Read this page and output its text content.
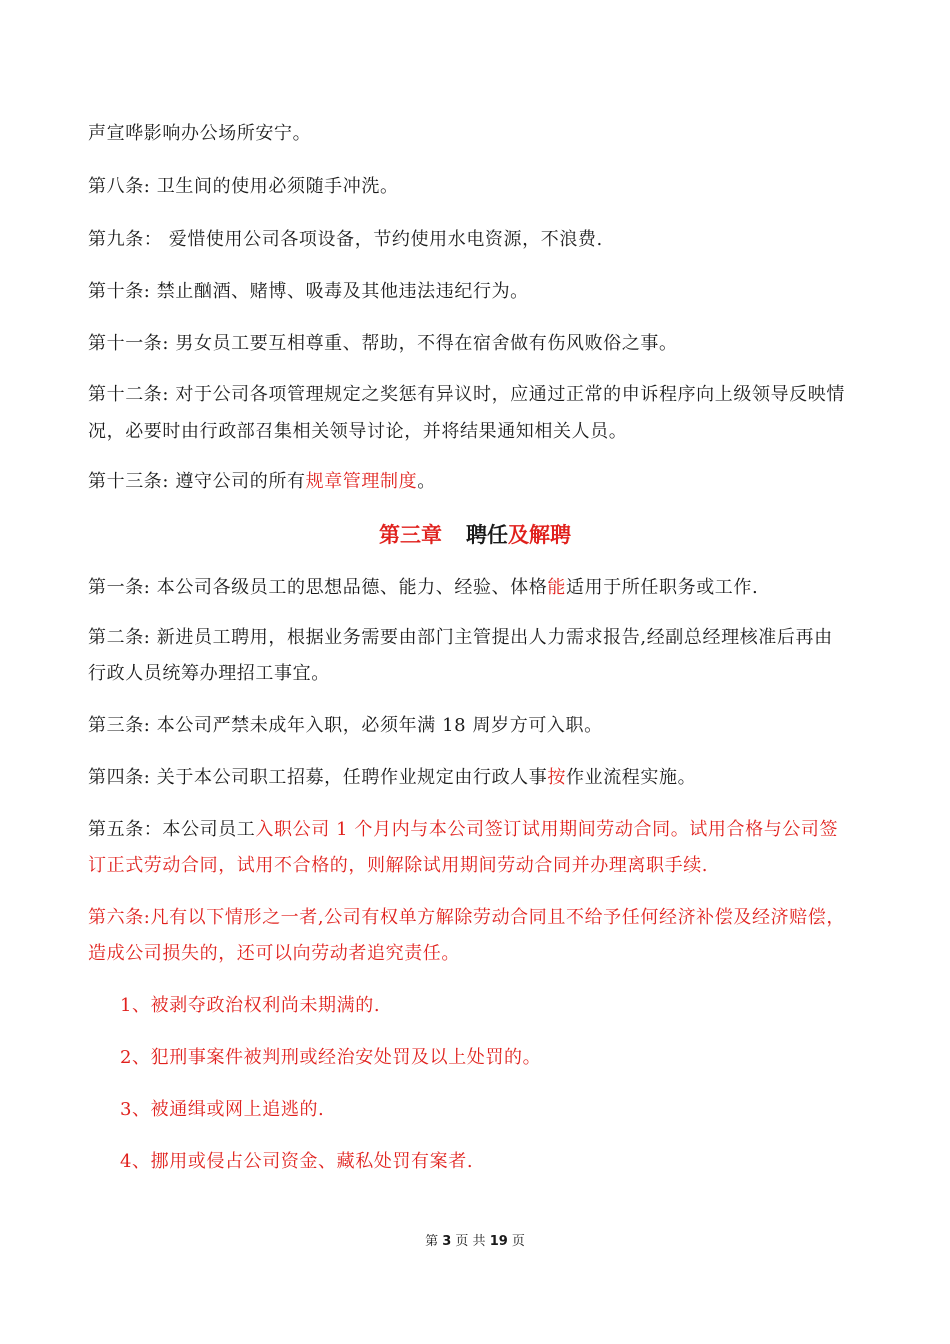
声宣哗影响办公场所安宁。
第八条: 卫生间的使用必须随手冲洗。
第九条： 爱惜使用公司各项设备，节约使用水电资源，不浪费.
第十条: 禁止酗酒、赌博、吸毒及其他违法违纪行为。
第十一条: 男女员工要互相尊重、帮助，不得在宿舍做有伤风败俗之事。
第十二条: 对于公司各项管理规定之奖惩有异议时，应通过正常的申诉程序向上级领导反映情
况，必要时由行政部召集相关领导讨论，并将结果通知相关人员。
第十三条: 遵守公司的所有规章管理制度。
第三章 聘任及解聘
第一条: 本公司各级员工的思想品德、能力、经验、体格能适用于所任职务或工作.
第二条: 新进员工聘用，根据业务需要由部门主管提出人力需求报告,经副总经理核准后再由
行政人员统筹办理招工事宜。
第三条: 本公司严禁未成年入职，必须年满 18 周岁方可入职。
第四条: 关于本公司职工招募，任聘作业规定由行政人事按作业流程实施。
第五条：本公司员工入职公司 1 个月内与本公司签订试用期间劳动合同。试用合格与公司签
订正式劳动合同，试用不合格的，则解除试用期间劳动合同并办理离职手续.
第六条:凡有以下情形之一者,公司有权单方解除劳动合同且不给予任何经济补偿及经济赔偿，
造成公司损失的，还可以向劳动者追究责任。
1、被剥夺政治权利尚未期满的.
2、犯刑事案件被判刑或经治安处罚及以上处罚的。
3、被通缉或网上追逃的.
4、挪用或侵占公司资金、藏私处罚有案者.
第 3 页 共 19 页
